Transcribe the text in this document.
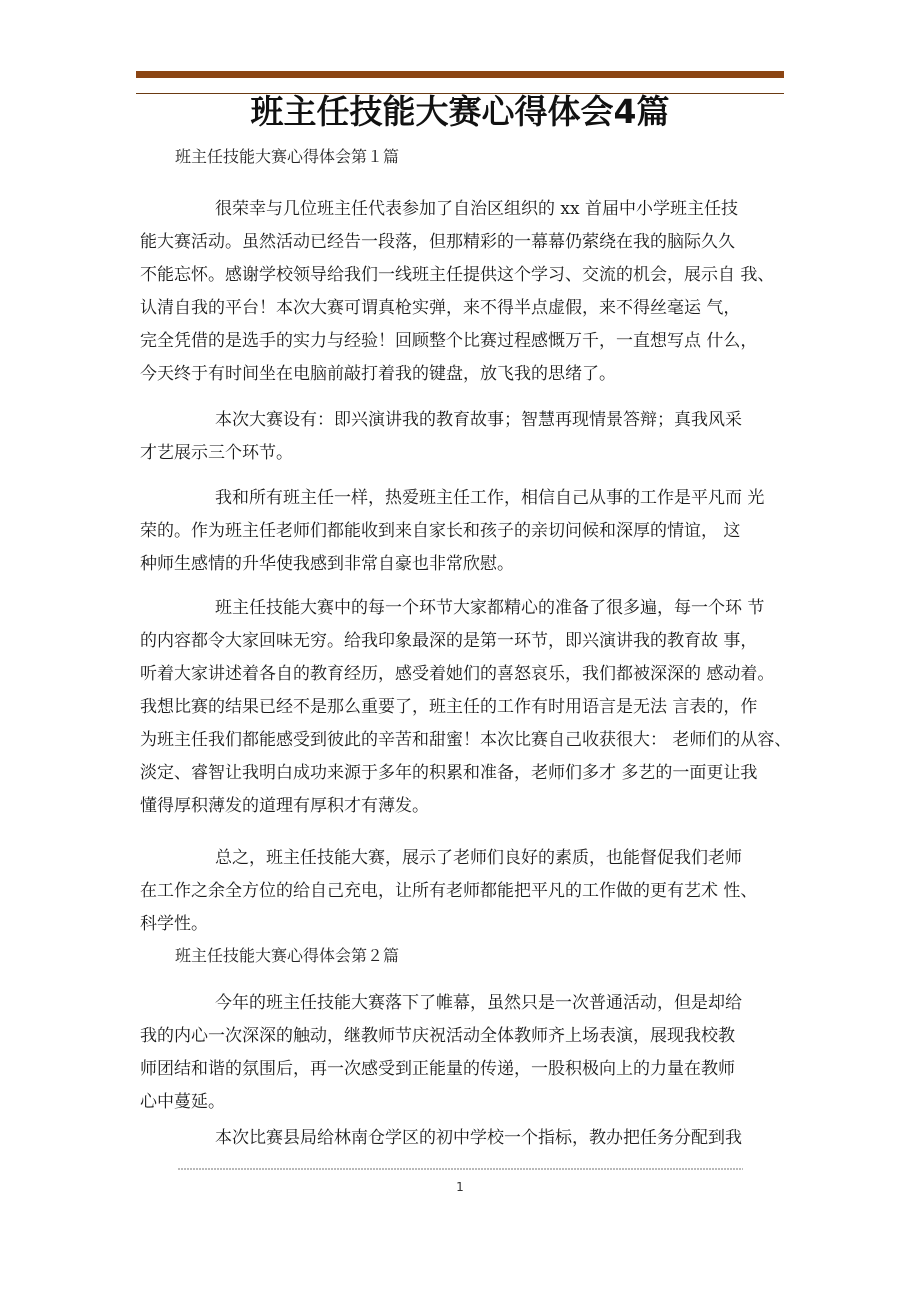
班主任技能大赛心得体会4篇
班主任技能大赛心得体会第１篇
很荣幸与几位班主任代表参加了自治区组织的 xx 首届中小学班主任技
能大赛活动。虽然活动已经告一段落，但那精彩的一幕幕仍萦绕在我的脑际久久
不能忘怀。感谢学校领导给我们一线班主任提供这个学习、交流的机会，展示自 我、
认清自我的平台！本次大赛可谓真枪实弹，来不得半点虚假，来不得丝毫运 气，
完全凭借的是选手的实力与经验！回顾整个比赛过程感慨万千，一直想写点 什么，
今天终于有时间坐在电脑前敲打着我的键盘，放飞我的思绪了。
本次大赛设有：即兴演讲我的教育故事；智慧再现情景答辩；真我风采
才艺展示三个环节。
我和所有班主任一样，热爱班主任工作，相信自己从事的工作是平凡而 光
荣的。作为班主任老师们都能收到来自家长和孩子的亲切问候和深厚的情谊， 这
种师生感情的升华使我感到非常自豪也非常欣慰。
班主任技能大赛中的每一个环节大家都精心的准备了很多遍，每一个环 节
的内容都令大家回味无穷。给我印象最深的是第一环节，即兴演讲我的教育故 事，
听着大家讲述着各自的教育经历，感受着她们的喜怒哀乐，我们都被深深的 感动着。
我想比赛的结果已经不是那么重要了，班主任的工作有时用语言是无法 言表的，作
为班主任我们都能感受到彼此的辛苦和甜蜜！本次比赛自己收获很大： 老师们的从容、
淡定、睿智让我明白成功来源于多年的积累和准备，老师们多才 多艺的一面更让我
懂得厚积薄发的道理有厚积才有薄发。
总之，班主任技能大赛，展示了老师们良好的素质，也能督促我们老师
在工作之余全方位的给自己充电，让所有老师都能把平凡的工作做的更有艺术 性、
科学性。
班主任技能大赛心得体会第２篇
今年的班主任技能大赛落下了帷幕，虽然只是一次普通活动，但是却给
我的内心一次深深的触动，继教师节庆祝活动全体教师齐上场表演，展现我校教
师团结和谐的氛围后，再一次感受到正能量的传递，一股积极向上的力量在教师
心中蔓延。
本次比赛县局给林南仓学区的初中学校一个指标，教办把任务分配到我
1
